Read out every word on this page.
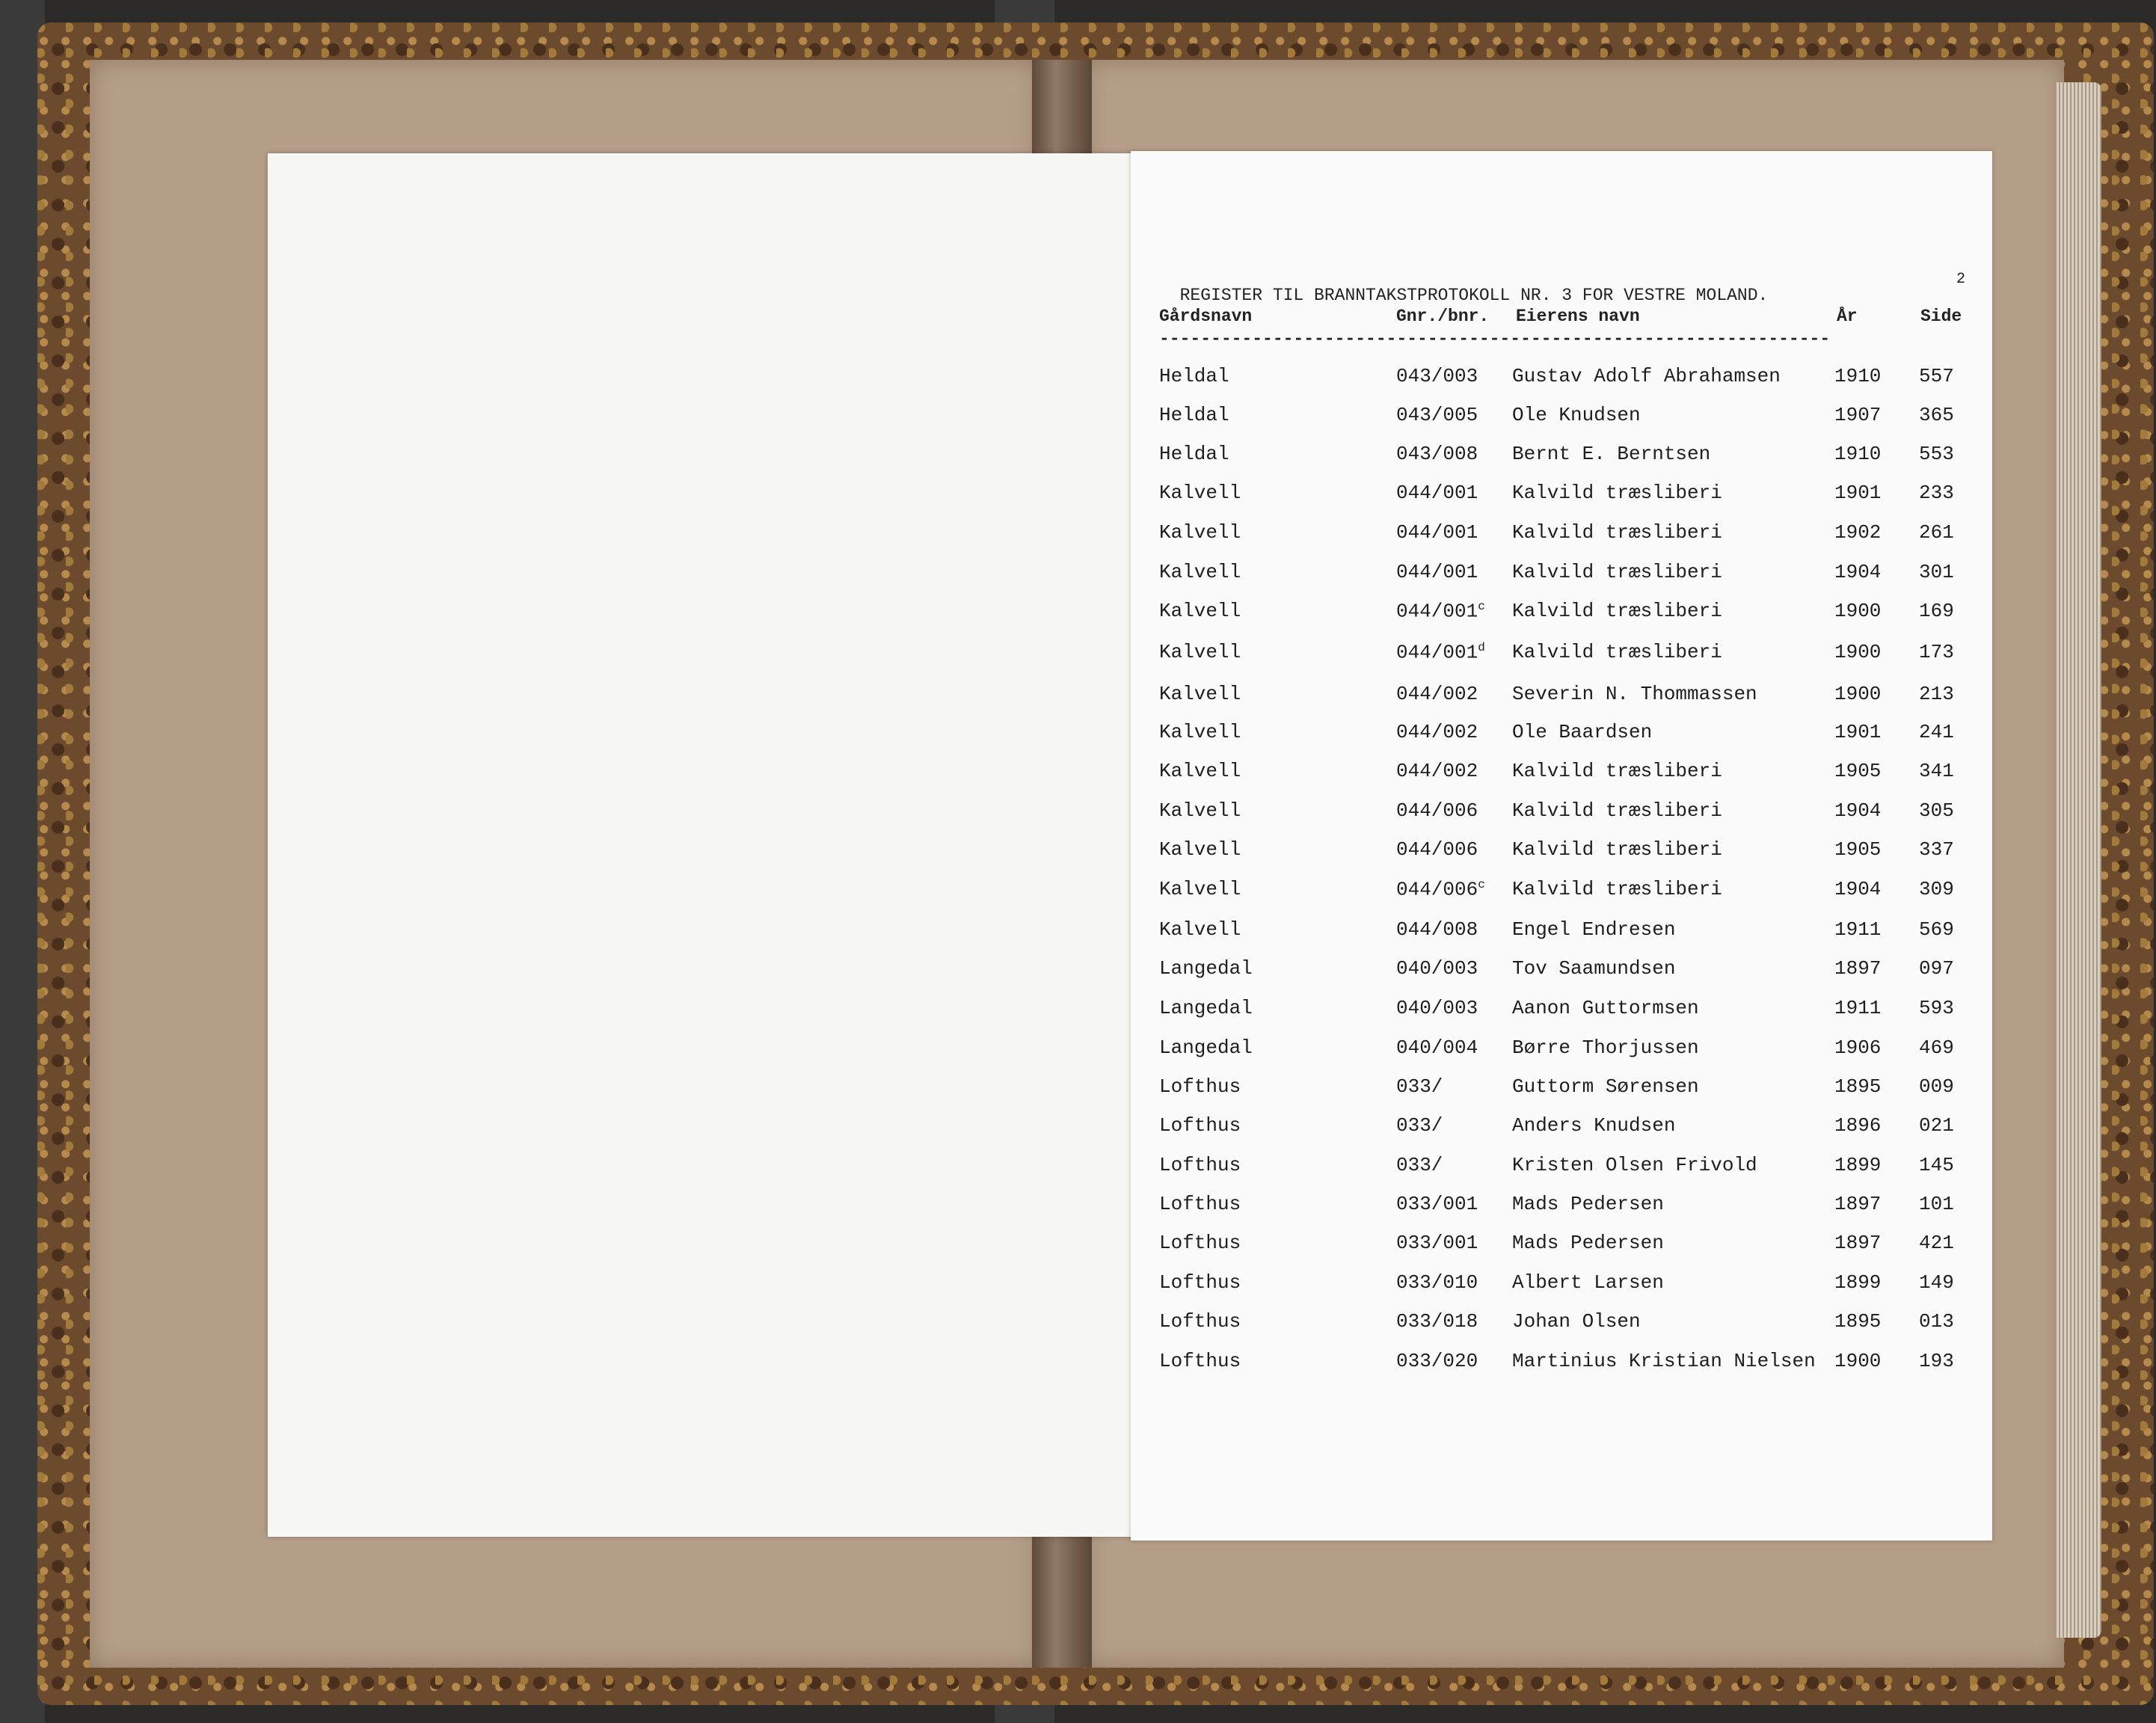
REGISTER TIL BRANNTAKSTPROTOKOLL NR. 3 FOR VESTRE MOLAND.

2

Gårdsnavn	Gnr./bnr. Eierens navn	År	Side
-----------------------------------------------------------------
Heldal	043/003 Gustav Adolf Abrahamsen	1910 557
Heldal	043/005 Ole Knudsen	1907 365
Heldal	043/008 Bernt E. Berntsen	1910 553
Kalvell	044/001 Kalvild træsliberi	1901 233
Kalvell	044/001 Kalvild træsliberi	1902 261
Kalvell	044/001 Kalvild træsliberi	1904 301
Kalvell	044/001$^c$ Kalvild træsliberi	1900 169
Kalvell	044/001$^d$ Kalvild træsliberi	1900 173
Kalvell	044/002 Severin N. Thommassen	1900 213
Kalvell	044/002 Ole Baardsen	1901 241
Kalvell	044/002 Kalvild træsliberi	1905 341
Kalvell	044/006 Kalvild træsliberi	1904 305
Kalvell	044/006 Kalvild træsliberi	1905 337
Kalvell	044/006$^c$ Kalvild træsliberi	1904 309
Kalvell	044/008 Engel Endresen	1911 569
Langedal	040/003 Tov Saamundsen	1897 097
Langedal	040/003 Aanon Guttormsen	1911 593
Langedal	040/004 Børre Thorjussen	1906 469
Lofthus	033/	Guttorm Sørensen	1895 009
Lofthus	033/	Anders Knudsen	1896 021
Lofthus	033/	Kristen Olsen Frivold	1899 145
Lofthus	033/001 Mads Pedersen	1897 101
Lofthus	033/001 Mads Pedersen	1897 421
Lofthus	033/010 Albert Larsen	1899 149
Lofthus	033/018 Johan Olsen	1895 013
Lofthus	033/020 Martinius Kristian Nielsen 1900 193
